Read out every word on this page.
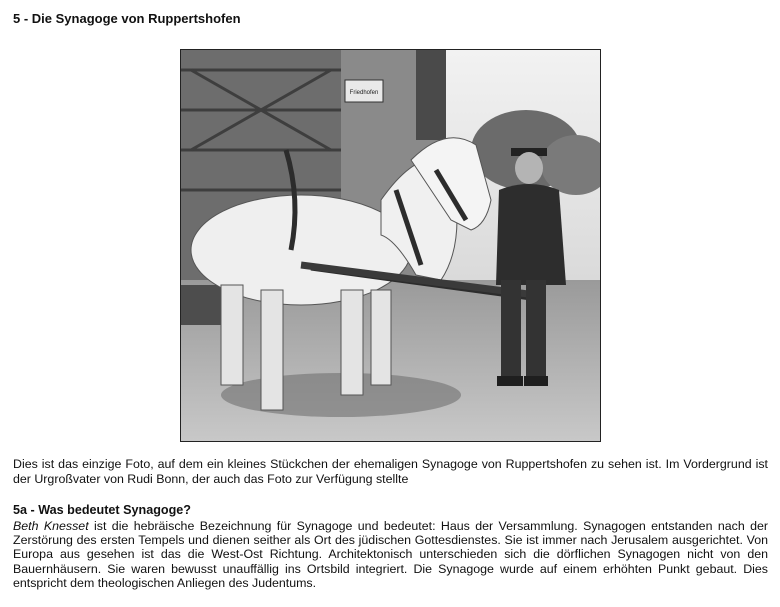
5 - Die Synagoge von Ruppertshofen
Friedhofen
Dies ist das einzige Foto, auf dem ein kleines Stückchen der ehemaligen Synagoge von Ruppertshofen zu sehen ist. Im Vordergrund ist der Urgroßvater von Rudi Bonn, der auch das Foto zur Verfügung stellte
5a - Was bedeutet Synagoge?
Beth Knesset ist die hebräische Bezeichnung für Synagoge und bedeutet: Haus der Versammlung. Synagogen entstanden nach der Zerstörung des ersten Tempels und dienen seither als Ort des jüdischen Gottesdienstes. Sie ist immer nach Jerusalem ausgerichtet. Von Europa aus gesehen ist das die West-Ost Richtung. Architektonisch unterschieden sich die dörflichen Synagogen nicht von den Bauernhäusern. Sie waren bewusst unauffällig ins Ortsbild integriert. Die Synagoge wurde auf einem erhöhten Punkt gebaut. Dies entspricht dem theologischen Anliegen des Judentums.
